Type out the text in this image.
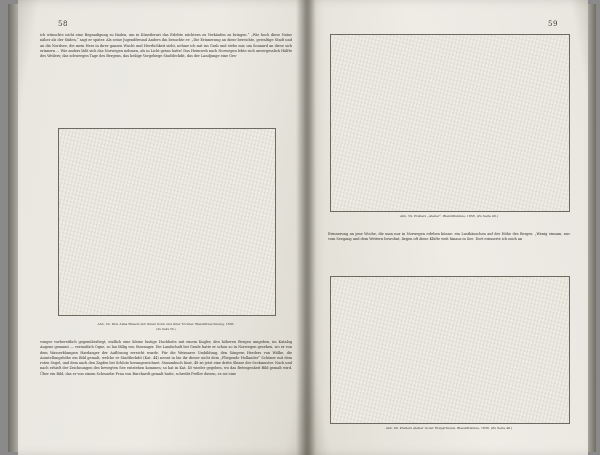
58
ich wünschte nicht eine Begnadigung zu finden, um in Künstlerart das Erlebte nüchtern zu Verkäufen zu bringen.“ „Wie hoch diese Natur näher als der Süden,“ sagt er später. Als seine Jugendfreund Anders ihn besuchte er: „Die Erinnerung an diese bereichte, gewaltige Stadt und an die Nordsee, die mein Herz in ihrer ganzen Wucht und Herrlichkeit sieht, nehme ich mit ins Grab und stehe mir, um Sonnard an diese sich erinnern ... Wie anders läßt sich das Norwegen nehmen, als in Licht getan hatte! Das Heimweh nach Norwegen lebte sich unvergesslich Hälfte des Weilers; das schwergen Tage des Bergens, das heilige Vorgebirge Stadtleckdit, das der Landjunge eine Ges-
Abb. 50. Drei Anna Braach mit ihrem Sohn und ihrer Töchter. Bleistiftzeichnung, 1836.
(Zu Seite 56.)
vonger vorbereitlich gegenüberliegt, endlich eine kleine lustige Hochheits mit einem Kugler, den höheren Bergen umgeben, im Katalog Augene genannt — vermutlich Ogne, so lau fällig von Stavanger. Die Landschaft bei Grade hatte er schon so in Norwegen gesehen, wo er von dem Wasserklumpen Hardanger der Auflösung erreicht wurde. Für die Weimarer Umbildung, den Sängern Herders von Wölke, die Ausstellungshöhe ein Bild gemalt, welche er Stadtleckdit (Kat. 44) nennt in bis ihr dieser nicht dem „Fliegende Hollander“ Schöner mit dem roten Segel, und dem auch den Zapfen bei Schlote herangezeichnet. Stammbuch lässt, 48 ist jetzt eine dritte Skizze der Seckmuster. Nach und nach erhielt der Zeichnungen des bewegten See entstehen kommen; so hat in Kat. 40 wieder gegeben, wo das Betrogenheit Bild gemalt wird. Über ein Bild, das er von einem Schwaebe Frau von Burchardt gemalt hatte, schreibt Preller diesen, es sei eine
59
Abb. 59. Prellers „Atelier“. Bleistiftskizze, 1838. (Zu Seite 46.)
Erinnerung an jene Woche, die man nur in Norwegen erleben könne: ein Lusthäuschen auf der Höhe des Berges. „Wenig einsam, nur vom Seegang und dem Wettern bewohnt, liegen oft diese Klüfte weit hinaus in See. Dort erinnerte ich mich an
Abb. 60. Prellers Atelier in der Hofgartnerei. Bleistiftskizze, 1838. (Zu Seite 48.)
